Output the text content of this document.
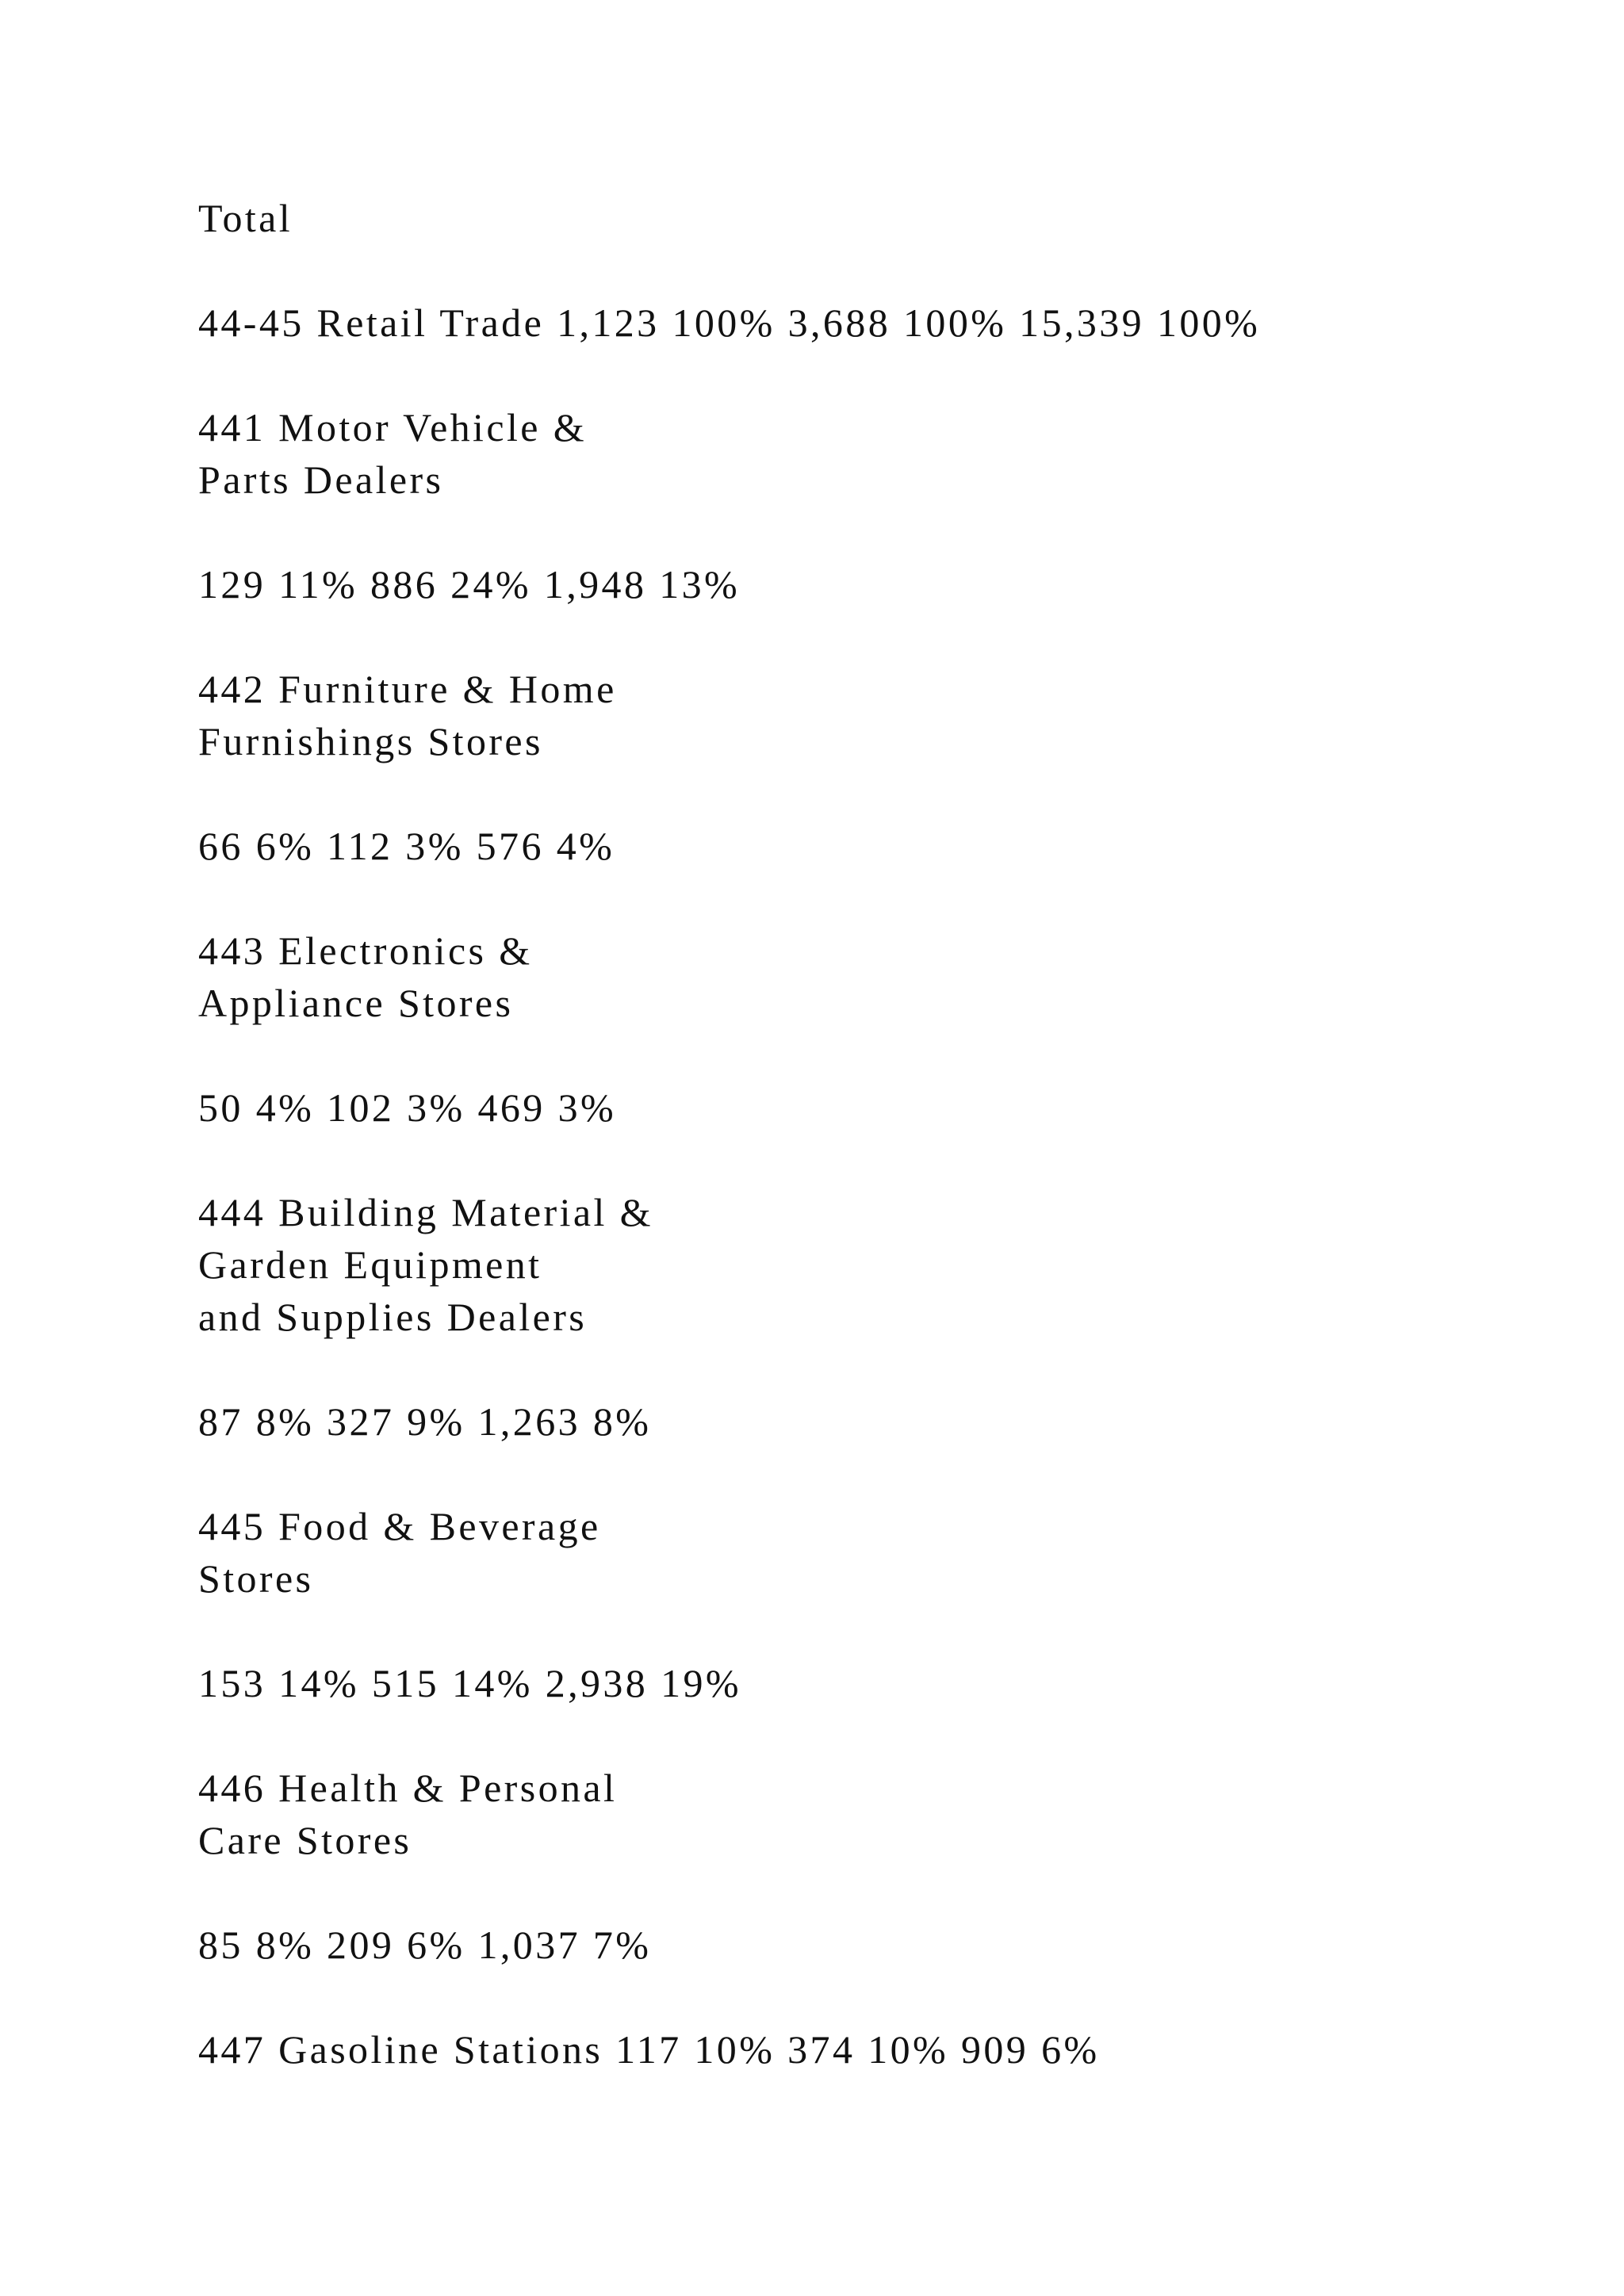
Total

44-45 Retail Trade 1,123 100% 3,688 100% 15,339 100%

441 Motor Vehicle &
Parts Dealers

129 11% 886 24% 1,948 13%

442 Furniture & Home
Furnishings Stores

66 6% 112 3% 576 4%

443 Electronics &
Appliance Stores

50 4% 102 3% 469 3%

444 Building Material &
Garden Equipment
and Supplies Dealers

87 8% 327 9% 1,263 8%

445 Food & Beverage
Stores

153 14% 515 14% 2,938 19%

446 Health & Personal
Care Stores

85 8% 209 6% 1,037 7%

447 Gasoline Stations 117 10% 374 10% 909 6%
